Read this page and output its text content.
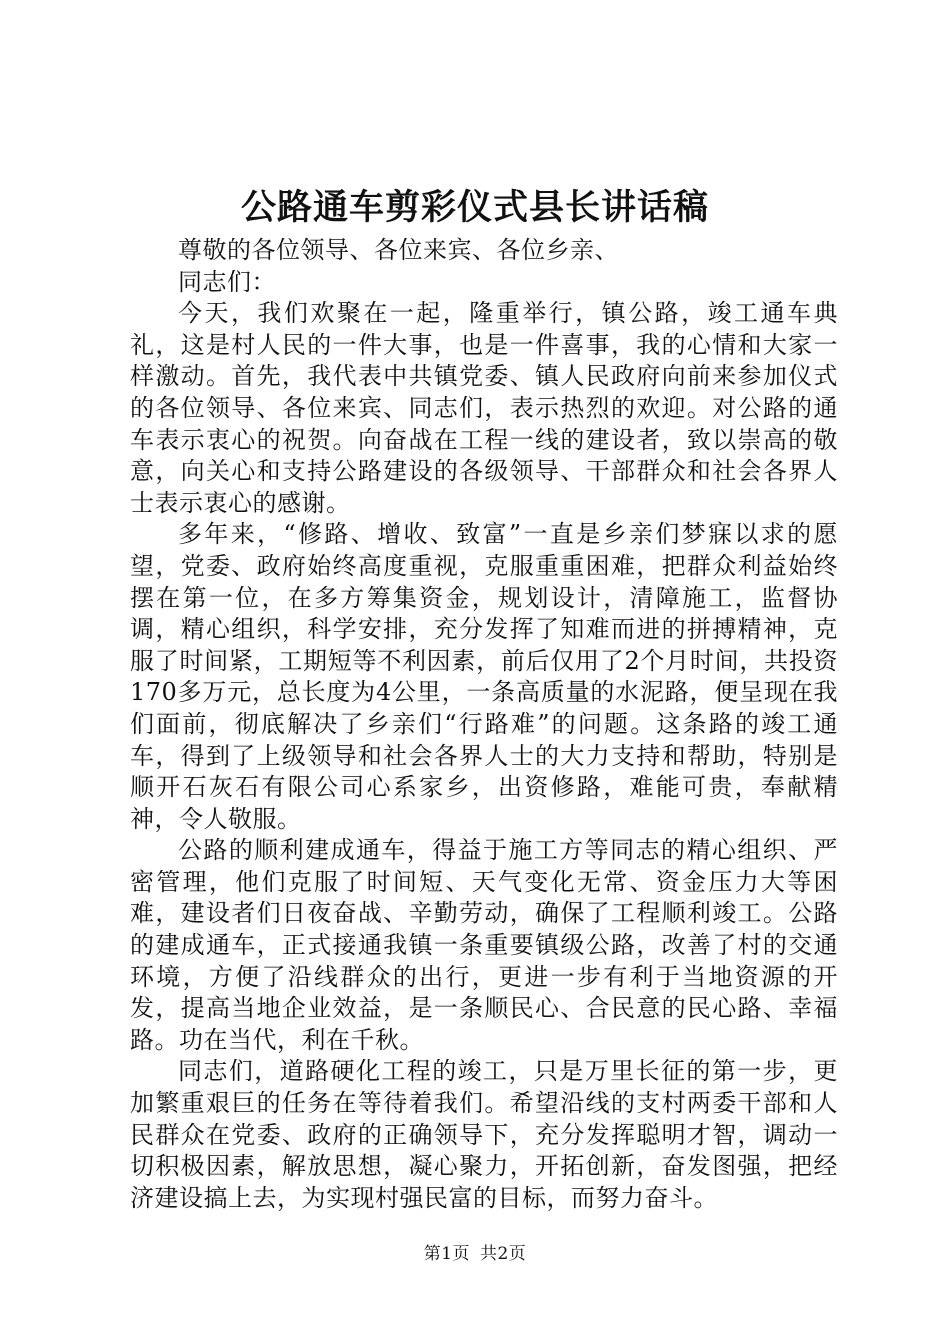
公路通车剪彩仪式县长讲话稿

尊敬的各位领导、各位来宾、各位乡亲、

同志们：

今天，我们欢聚在一起，隆重举行，镇公路，竣工通车典礼，这是村人民的一件大事，也是一件喜事，我的心情和大家一样激动。首先，我代表中共镇党委、镇人民政府向前来参加仪式的各位领导、各位来宾、同志们，表示热烈的欢迎。对公路的通车表示衷心的祝贺。向奋战在工程一线的建设者，致以崇高的敬意，向关心和支持公路建设的各级领导、干部群众和社会各界人士表示衷心的感谢。

多年来，“修路、增收、致富”一直是乡亲们梦寐以求的愿望，党委、政府始终高度重视，克服重重困难，把群众利益始终摆在第一位，在多方筹集资金，规划设计，清障施工，监督协调，精心组织，科学安排，充分发挥了知难而进的拼搏精神，克服了时间紧，工期短等不利因素，前后仅用了2个月时间，共投资170多万元，总长度为4公里，一条高质量的水泥路，便呈现在我们面前，彻底解决了乡亲们“行路难”的问题。这条路的竣工通车，得到了上级领导和社会各界人士的大力支持和帮助，特别是顺开石灰石有限公司心系家乡，出资修路，难能可贵，奉献精神，令人敬服。

公路的顺利建成通车，得益于施工方等同志的精心组织、严密管理，他们克服了时间短、天气变化无常、资金压力大等困难，建设者们日夜奋战、辛勤劳动，确保了工程顺利竣工。公路的建成通车，正式接通我镇一条重要镇级公路，改善了村的交通环境，方便了沿线群众的出行，更进一步有利于当地资源的开发，提高当地企业效益，是一条顺民心、合民意的民心路、幸福路。功在当代，利在千秋。

同志们，道路硬化工程的竣工，只是万里长征的第一步，更加繁重艰巨的任务在等待着我们。希望沿线的支村两委干部和人民群众在党委、政府的正确领导下，充分发挥聪明才智，调动一切积极因素，解放思想，凝心聚力，开拓创新，奋发图强，把经济建设搞上去，为实现村强民富的目标，而努力奋斗。

第1页 共2页
